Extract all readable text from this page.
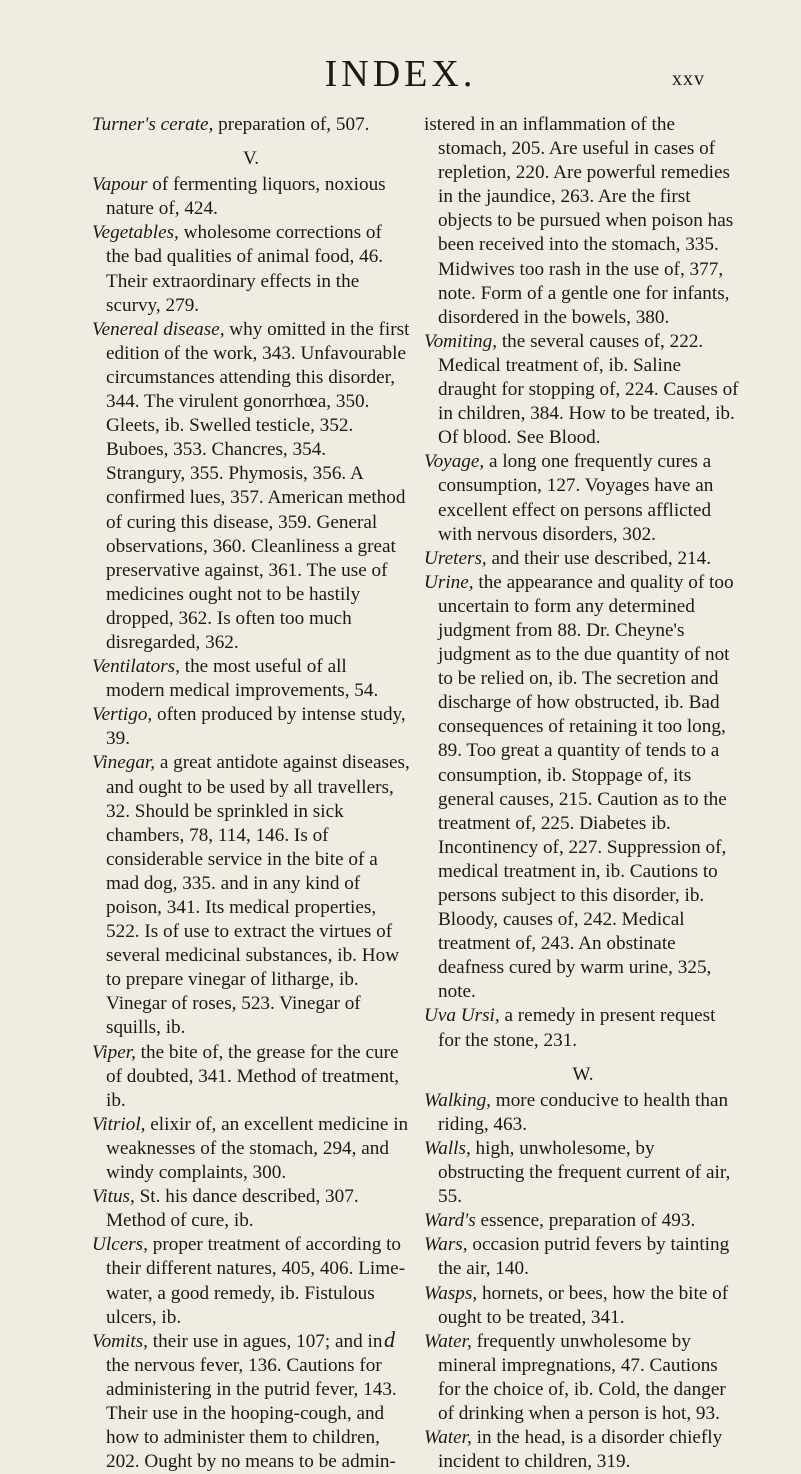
INDEX.	xxv

Turner's cerate, preparation of, 507.

V.

Vapour of fermenting liquors, noxious nature of, 424.

Vegetables, wholesome corrections of the bad qualities of animal food, 46. Their extraordinary effects in the scurvy, 279.

Venereal disease, why omitted in the first edition of the work, 343. Unfavourable circumstances attending this disorder, 344. The virulent gonorrhœa, 350. Gleets, ib. Swelled testicle, 352. Buboes, 353. Chancres, 354. Strangury, 355. Phymosis, 356. A confirmed lues, 357. American method of curing this disease, 359. General observations, 360. Cleanliness a great preservative against, 361. The use of medicines ought not to be hastily dropped, 362. Is often too much disregarded, 362.

Ventilators, the most useful of all modern medical improvements, 54.

Vertigo, often produced by intense study, 39.

Vinegar, a great antidote against diseases, and ought to be used by all travellers, 32. Should be sprinkled in sick chambers, 78, 114, 146. Is of considerable service in the bite of a mad dog, 335. and in any kind of poison, 341. Its medical properties, 522. Is of use to extract the virtues of several medicinal substances, ib. How to prepare vinegar of litharge, ib. Vinegar of roses, 523. Vinegar of squills, ib.

Viper, the bite of, the grease for the cure of doubted, 341. Method of treatment, ib.

Vitriol, elixir of, an excellent medicine in weaknesses of the stomach, 294, and windy complaints, 300.

Vitus, St. his dance described, 307. Method of cure, ib.

Ulcers, proper treatment of according to their different natures, 405, 406. Lime-water, a good remedy, ib. Fistulous ulcers, ib.

Vomits, their use in agues, 107; and in the nervous fever, 136. Cautions for administering in the putrid fever, 143. Their use in the hooping-cough, and how to administer them to children, 202. Ought by no means to be admin-

istered in an inflammation of the stomach, 205. Are useful in cases of repletion, 220. Are powerful remedies in the jaundice, 263. Are the first objects to be pursued when poison has been received into the stomach, 335. Midwives too rash in the use of, 377, note. Form of a gentle one for infants, disordered in the bowels, 380.

Vomiting, the several causes of, 222. Medical treatment of, ib. Saline draught for stopping of, 224. Causes of in children, 384. How to be treated, ib. Of blood. See Blood.

Voyage, a long one frequently cures a consumption, 127. Voyages have an excellent effect on persons afflicted with nervous disorders, 302.

Ureters, and their use described, 214.

Urine, the appearance and quality of too uncertain to form any determined judgment from 88. Dr. Cheyne's judgment as to the due quantity of not to be relied on, ib. The secretion and discharge of how obstructed, ib. Bad consequences of retaining it too long, 89. Too great a quantity of tends to a consumption, ib. Stoppage of, its general causes, 215. Caution as to the treatment of, 225. Diabetes ib. Incontinency of, 227. Suppression of, medical treatment in, ib. Cautions to persons subject to this disorder, ib. Bloody, causes of, 242. Medical treatment of, 243. An obstinate deafness cured by warm urine, 325, note.

Uva Ursi, a remedy in present request for the stone, 231.

W.

Walking, more conducive to health than riding, 463.

Walls, high, unwholesome, by obstructing the frequent current of air, 55.

Ward's essence, preparation of 493.

Wars, occasion putrid fevers by tainting the air, 140.

Wasps, hornets, or bees, how the bite of ought to be treated, 341.

Water, frequently unwholesome by mineral impregnations, 47. Cautions for the choice of, ib. Cold, the danger of drinking when a person is hot, 93.

Water, in the head, is a disorder chiefly incident to children, 319.

d
